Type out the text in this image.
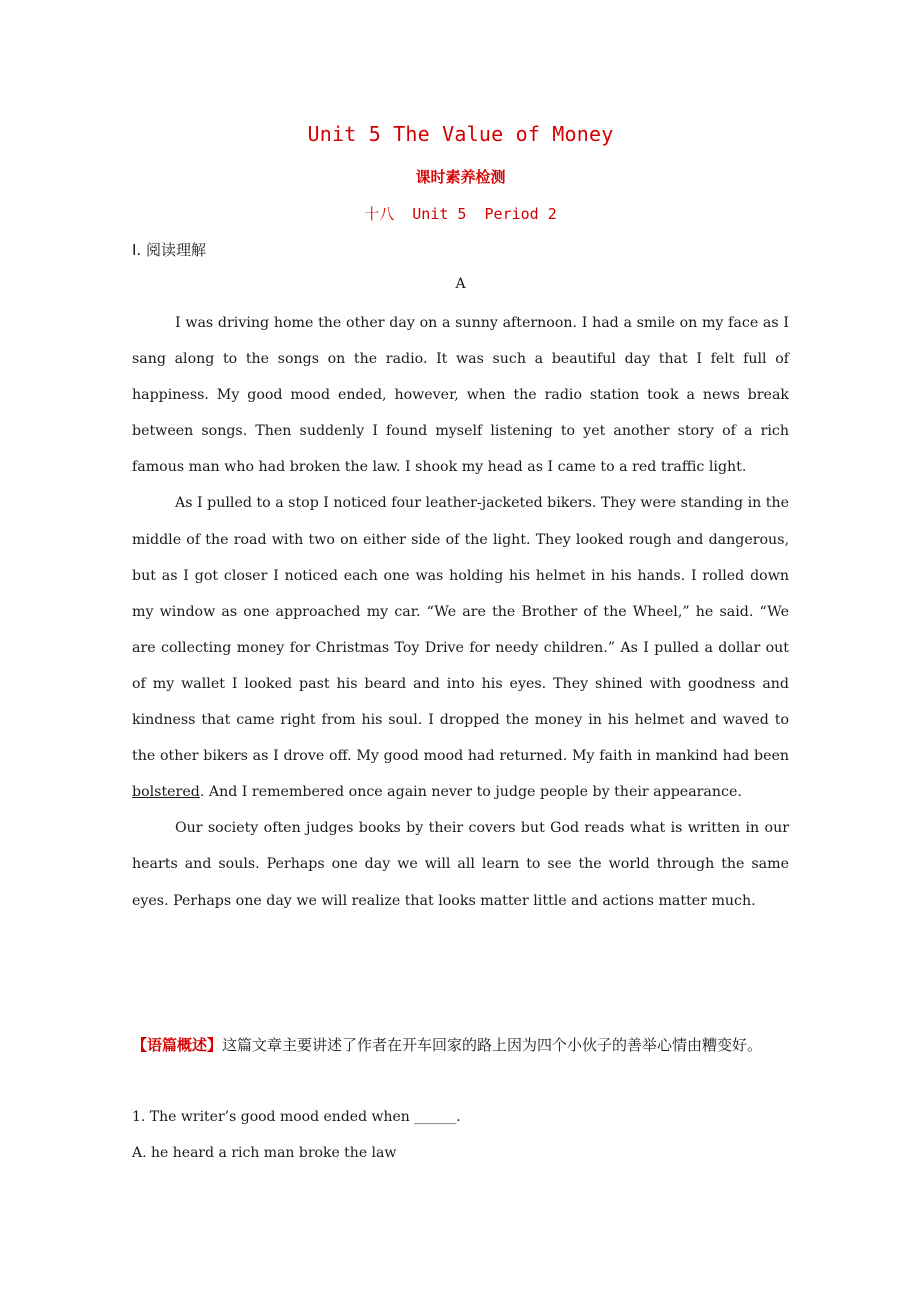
Unit 5 The Value of Money
课时素养检测
十八  Unit 5  Period 2
Ⅰ. 阅读理解
A

I was driving home the other day on a sunny afternoon. I had a smile on my face as I sang along to the songs on the radio. It was such a beautiful day that I felt full of happiness. My good mood ended, however, when the radio station took a news break between songs. Then suddenly I found myself listening to yet another story of a rich famous man who had broken the law. I shook my head as I came to a red traffic light.

As I pulled to a stop I noticed four leather-jacketed bikers. They were standing in the middle of the road with two on either side of the light. They looked rough and dangerous, but as I got closer I noticed each one was holding his helmet in his hands. I rolled down my window as one approached my car. “We are the Brother of the Wheel,” he said. “We are collecting money for Christmas Toy Drive for needy children.” As I pulled a dollar out of my wallet I looked past his beard and into his eyes. They shined with goodness and kindness that came right from his soul. I dropped the money in his helmet and waved to the other bikers as I drove off. My good mood had returned. My faith in mankind had been bolstered. And I remembered once again never to judge people by their appearance.

Our society often judges books by their covers but God reads what is written in our hearts and souls. Perhaps one day we will all learn to see the world through the same eyes. Perhaps one day we will realize that looks matter little and actions matter much.

【语篇概述】这篇文章主要讲述了作者在开车回家的路上因为四个小伙子的善举心情由糟变好。
1. The writer’s good mood ended when ______.
A. he heard a rich man broke the law
